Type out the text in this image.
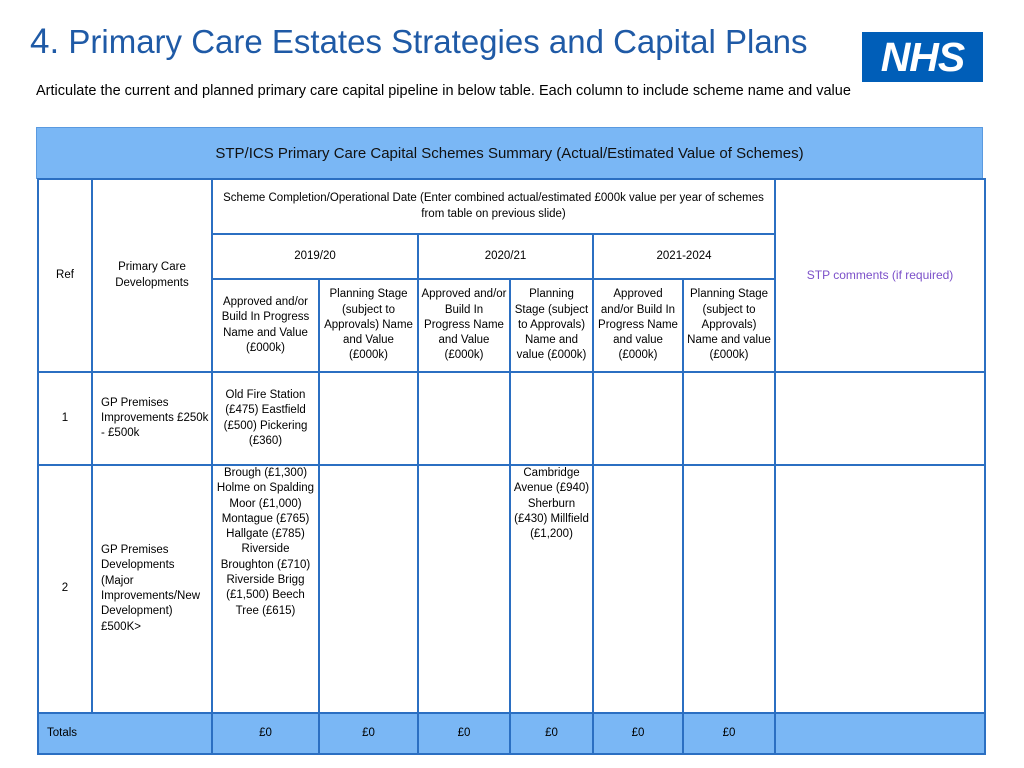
4. Primary Care Estates Strategies and Capital Plans	NHS

Articulate the current and planned primary care capital pipeline in below table. Each column to include scheme name and value

STP/ICS Primary Care Capital Schemes Summary (Actual/Estimated Value of Schemes)
Ref	Primary Care Developments	Scheme Completion/Operational Date (Enter combined actual/estimated £000k value per year of schemes from table on previous slide)						STP comments (if required)
		2019/20		2020/21		2021-2024		
		Approved and/or Build In Progress Name and Value (£000k)	Planning Stage (subject to Approvals) Name and Value (£000k)	Approved and/or Build In Progress Name and Value (£000k)	Planning Stage (subject to Approvals) Name and value (£000k)	Approved and/or Build In Progress Name and value (£000k)	Planning Stage (subject to Approvals) Name and value (£000k)	
1	GP Premises Improvements £250k - £500k	Old Fire Station (£475) Eastfield (£500) Pickering (£360)						
2	GP Premises Developments (Major Improvements/New Development) £500K>	Brough (£1,300) Holme on Spalding Moor (£1,000) Montague (£765) Hallgate (£785) Riverside Broughton (£710) Riverside Brigg (£1,500) Beech Tree (£615)			Cambridge Avenue (£940) Sherburn (£430) Millfield (£1,200)			
Totals		£0	£0	£0	£0	£0	£0	
